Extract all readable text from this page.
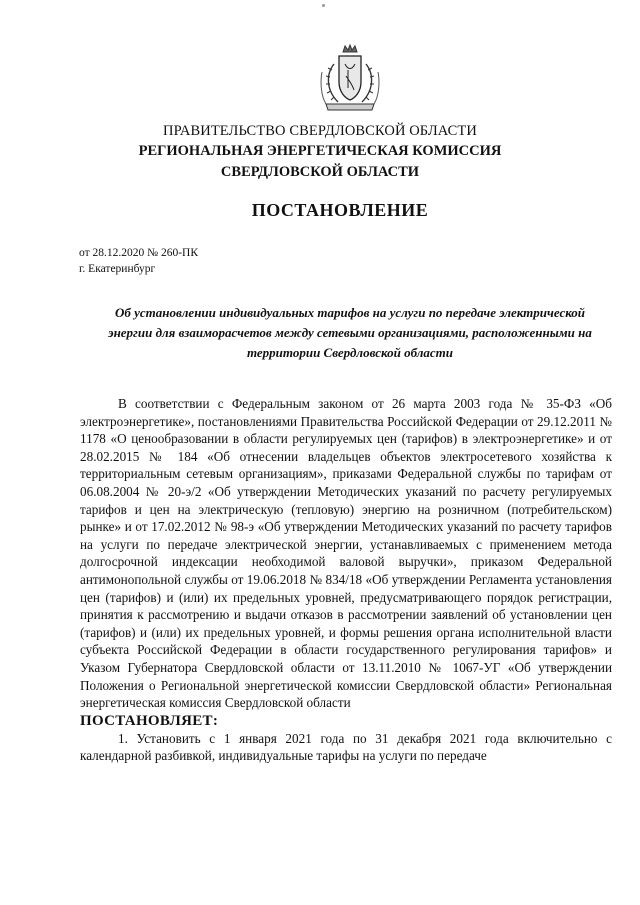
ПРАВИТЕЛЬСТВО СВЕРДЛОВСКОЙ ОБЛАСТИ
РЕГИОНАЛЬНАЯ ЭНЕРГЕТИЧЕСКАЯ КОМИССИЯ
СВЕРДЛОВСКОЙ ОБЛАСТИ
ПОСТАНОВЛЕНИЕ
от 28.12.2020 № 260-ПК
г. Екатеринбург
Об установлении индивидуальных тарифов на услуги по передаче электрической энергии для взаиморасчетов между сетевыми организациями, расположенными на территории Свердловской области

В соответствии с Федеральным законом от 26 марта 2003 года № 35-ФЗ «Об электроэнергетике», постановлениями Правительства Российской Федерации от 29.12.2011 № 1178 «О ценообразовании в области регулируемых цен (тарифов) в электроэнергетике» и от 28.02.2015 № 184 «Об отнесении владельцев объектов электросетевого хозяйства к территориальным сетевым организациям», приказами Федеральной службы по тарифам от 06.08.2004 № 20-э/2 «Об утверждении Методических указаний по расчету регулируемых тарифов и цен на электрическую (тепловую) энергию на розничном (потребительском) рынке» и от 17.02.2012 № 98-э «Об утверждении Методических указаний по расчету тарифов на услуги по передаче электрической энергии, устанавливаемых с применением метода долгосрочной индексации необходимой валовой выручки», приказом Федеральной антимонопольной службы от 19.06.2018 № 834/18 «Об утверждении Регламента установления цен (тарифов) и (или) их предельных уровней, предусматривающего порядок регистрации, принятия к рассмотрению и выдачи отказов в рассмотрении заявлений об установлении цен (тарифов) и (или) их предельных уровней, и формы решения органа исполнительной власти субъекта Российской Федерации в области государственного регулирования тарифов» и Указом Губернатора Свердловской области от 13.11.2010 № 1067-УГ «Об утверждении Положения о Региональной энергетической комиссии Свердловской области» Региональная энергетическая комиссия Свердловской области

ПОСТАНОВЛЯЕТ:

1. Установить с 1 января 2021 года по 31 декабря 2021 года включительно с календарной разбивкой, индивидуальные тарифы на услуги по передаче
